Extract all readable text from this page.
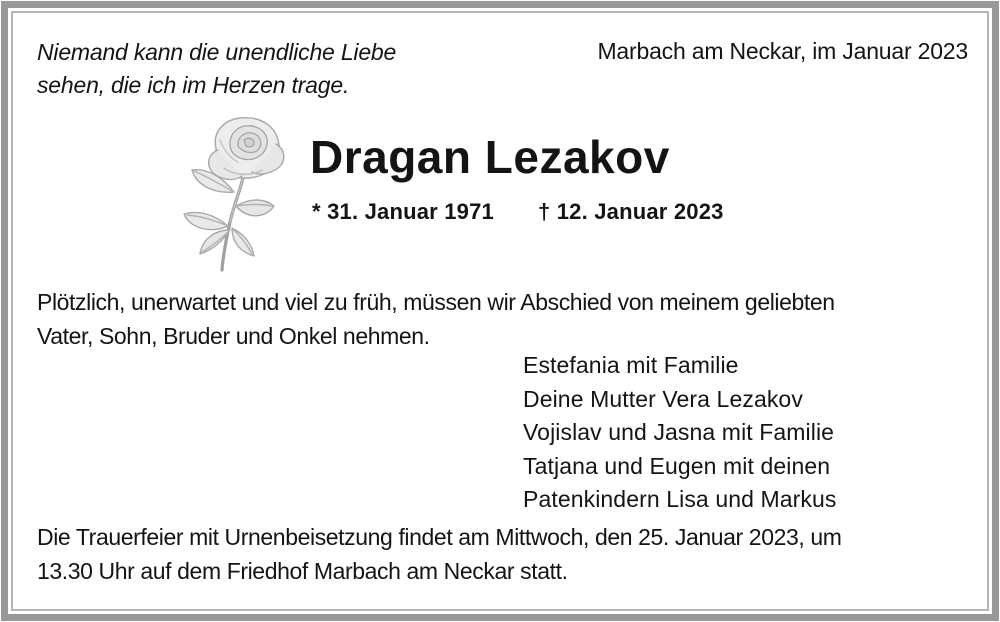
Niemand kann die unendliche Liebe
sehen, die ich im Herzen trage.
Marbach am Neckar, im Januar 2023
Dragan Lezakov
* 31. Januar 1971 † 12. Januar 2023
Plötzlich, unerwartet und viel zu früh, müssen wir Abschied von meinem geliebten
Vater, Sohn, Bruder und Onkel nehmen.
Estefania mit Familie
Deine Mutter Vera Lezakov
Vojislav und Jasna mit Familie
Tatjana und Eugen mit deinen
Patenkindern Lisa und Markus
Die Trauerfeier mit Urnenbeisetzung findet am Mittwoch, den 25. Januar 2023, um
13.30 Uhr auf dem Friedhof Marbach am Neckar statt.
